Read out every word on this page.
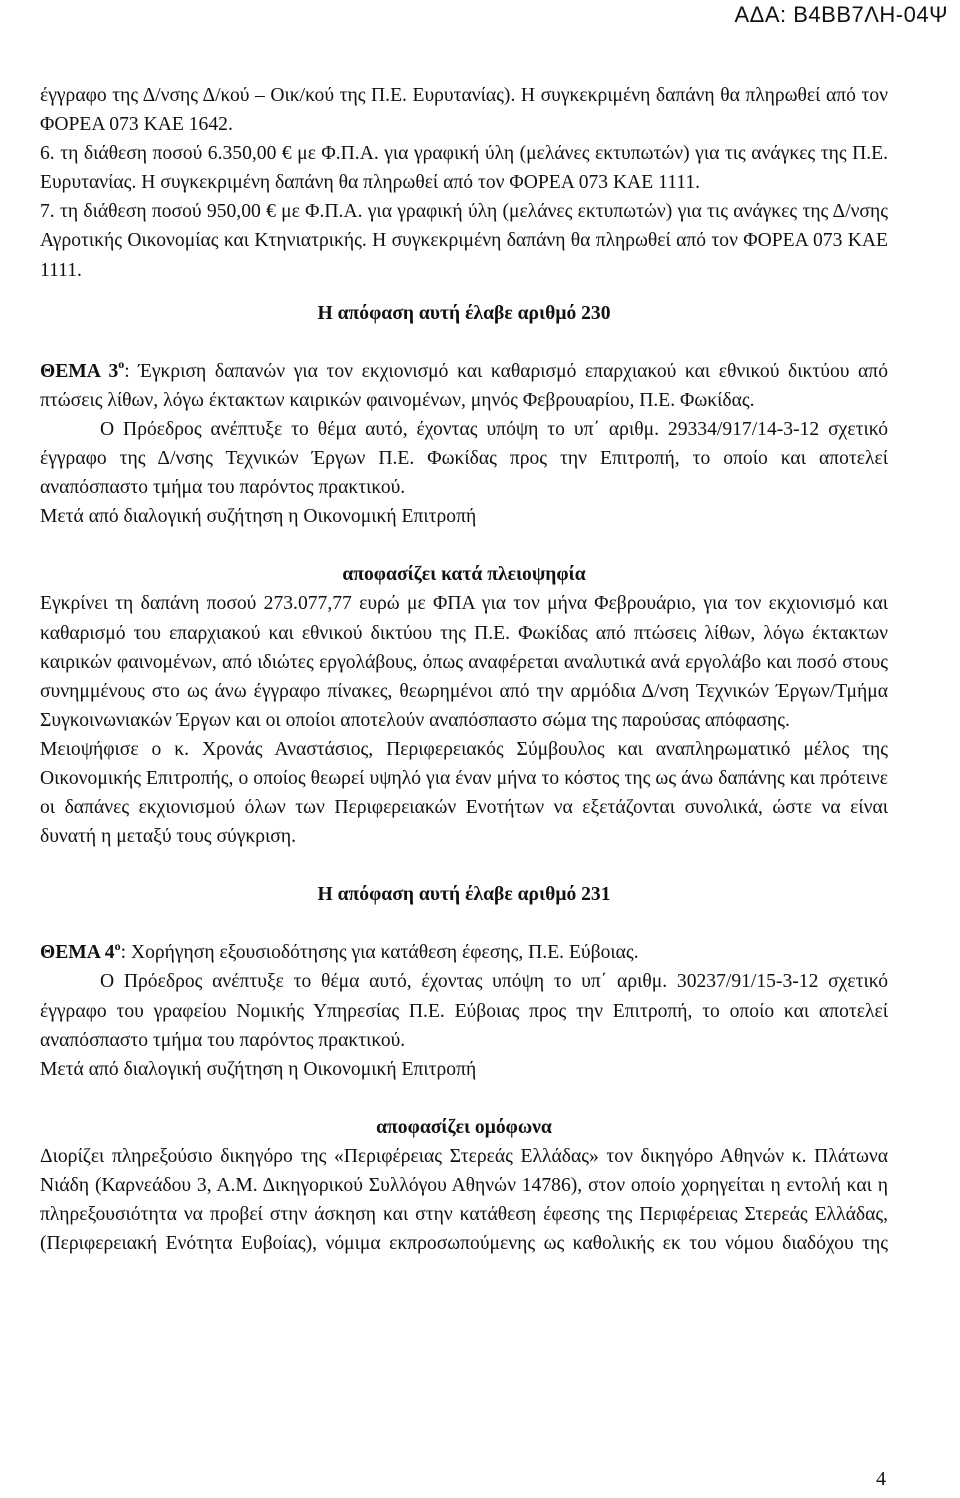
ΑΔΑ: Β4ΒΒ7ΛΗ-04Ψ

έγγραφο της Δ/νσης Δ/κού – Οικ/κού της Π.Ε. Ευρυτανίας). Η συγκεκριμένη δαπάνη θα πληρωθεί από τον ΦΟΡΕΑ 073 ΚΑΕ 1642.

6. τη διάθεση ποσού 6.350,00 € με Φ.Π.Α. για γραφική ύλη (μελάνες εκτυπωτών) για τις ανάγκες της Π.Ε. Ευρυτανίας. Η συγκεκριμένη δαπάνη θα πληρωθεί από τον ΦΟΡΕΑ 073 ΚΑΕ 1111.

7. τη διάθεση ποσού 950,00 € με Φ.Π.Α. για γραφική ύλη (μελάνες εκτυπωτών) για τις ανάγκες της Δ/νσης Αγροτικής Οικονομίας και Κτηνιατρικής. Η συγκεκριμένη δαπάνη θα πληρωθεί από τον ΦΟΡΕΑ 073 ΚΑΕ 1111.

Η απόφαση αυτή έλαβε αριθμό 230

ΘΕΜΑ $3^o$: Έγκριση δαπανών για τον εκχιονισμό και καθαρισμό επαρχιακού και εθνικού δικτύου από πτώσεις λίθων, λόγω έκτακτων καιρικών φαινομένων, μηνός Φεβρουαρίου, Π.Ε. Φωκίδας.

Ο Πρόεδρος ανέπτυξε το θέμα αυτό, έχοντας υπόψη το υπ΄ αριθμ. 29334/917/14-3-12 σχετικό έγγραφο της Δ/νσης Τεχνικών Έργων Π.Ε. Φωκίδας προς την Επιτροπή, το οποίο και αποτελεί αναπόσπαστο τμήμα του παρόντος πρακτικού.

Μετά από διαλογική συζήτηση η Οικονομική Επιτροπή

αποφασίζει κατά πλειοψηφία

Εγκρίνει τη δαπάνη ποσού 273.077,77 ευρώ με ΦΠΑ για τον μήνα Φεβρουάριο, για τον εκχιονισμό και καθαρισμό του επαρχιακού και εθνικού δικτύου της Π.Ε. Φωκίδας από πτώσεις λίθων, λόγω έκτακτων καιρικών φαινομένων, από ιδιώτες εργολάβους, όπως αναφέρεται αναλυτικά ανά εργολάβο και ποσό στους συνημμένους στο ως άνω έγγραφο πίνακες, θεωρημένοι από την αρμόδια Δ/νση Τεχνικών Έργων/Τμήμα Συγκοινωνιακών Έργων και οι οποίοι αποτελούν αναπόσπαστο σώμα της παρούσας απόφασης.

Μειοψήφισε ο κ. Χρονάς Αναστάσιος, Περιφερειακός Σύμβουλος και αναπληρωματικό μέλος της Οικονομικής Επιτροπής, ο οποίος θεωρεί υψηλό για έναν μήνα το κόστος της ως άνω δαπάνης και πρότεινε οι δαπάνες εκχιονισμού όλων των Περιφερειακών Ενοτήτων να εξετάζονται συνολικά, ώστε να είναι δυνατή η μεταξύ τους σύγκριση.

Η απόφαση αυτή έλαβε αριθμό 231

ΘΕΜΑ $4^o$: Χορήγηση εξουσιοδότησης για κατάθεση έφεσης, Π.Ε. Εύβοιας.

Ο Πρόεδρος ανέπτυξε το θέμα αυτό, έχοντας υπόψη το υπ΄ αριθμ. 30237/91/15-3-12 σχετικό έγγραφο του γραφείου Νομικής Υπηρεσίας Π.Ε. Εύβοιας προς την Επιτροπή, το οποίο και αποτελεί αναπόσπαστο τμήμα του παρόντος πρακτικού.

Μετά από διαλογική συζήτηση η Οικονομική Επιτροπή

αποφασίζει ομόφωνα

Διορίζει πληρεξούσιο δικηγόρο της «Περιφέρειας Στερεάς Ελλάδας» τον δικηγόρο Αθηνών κ. Πλάτωνα Νιάδη (Καρνεάδου 3, Α.Μ. Δικηγορικού Συλλόγου Αθηνών 14786), στον οποίο χορηγείται η εντολή και η πληρεξουσιότητα να προβεί στην άσκηση και στην κατάθεση έφεσης της Περιφέρειας Στερεάς Ελλάδας, (Περιφερειακή Ενότητα Ευβοίας), νόμιμα εκπροσωπούμενης ως καθολικής εκ του νόμου διαδόχου της

4
